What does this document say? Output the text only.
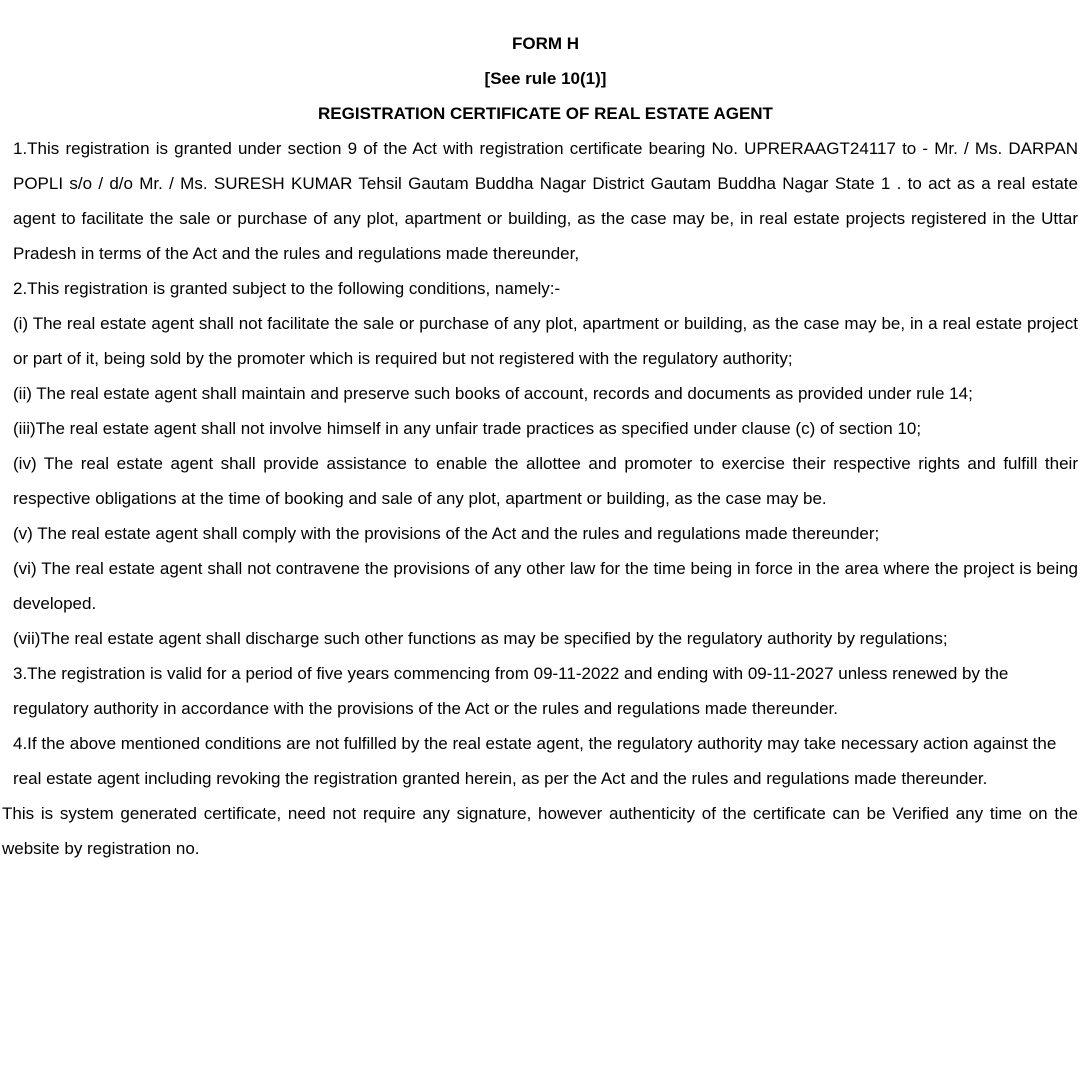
FORM H
[See rule 10(1)]
REGISTRATION CERTIFICATE OF REAL ESTATE AGENT

1.This registration is granted under section 9 of the Act with registration certificate bearing No. UPRERAAGT24117 to - Mr. / Ms. DARPAN POPLI s/o / d/o Mr. / Ms. SURESH KUMAR Tehsil Gautam Buddha Nagar District Gautam Buddha Nagar State 1 . to act as a real estate agent to facilitate the sale or purchase of any plot, apartment or building, as the case may be, in real estate projects registered in the Uttar Pradesh in terms of the Act and the rules and regulations made thereunder,

2.This registration is granted subject to the following conditions, namely:-

(i) The real estate agent shall not facilitate the sale or purchase of any plot, apartment or building, as the case may be, in a real estate project or part of it, being sold by the promoter which is required but not registered with the regulatory authority;

(ii) The real estate agent shall maintain and preserve such books of account, records and documents as provided under rule 14;

(iii)The real estate agent shall not involve himself in any unfair trade practices as specified under clause (c) of section 10;

(iv) The real estate agent shall provide assistance to enable the allottee and promoter to exercise their respective rights and fulfill their respective obligations at the time of booking and sale of any plot, apartment or building, as the case may be.

(v) The real estate agent shall comply with the provisions of the Act and the rules and regulations made thereunder;

(vi) The real estate agent shall not contravene the provisions of any other law for the time being in force in the area where the project is being developed.

(vii)The real estate agent shall discharge such other functions as may be specified by the regulatory authority by regulations;

3.The registration is valid for a period of five years commencing from 09-11-2022 and ending with 09-11-2027 unless renewed by the regulatory authority in accordance with the provisions of the Act or the rules and regulations made thereunder.

4.If the above mentioned conditions are not fulfilled by the real estate agent, the regulatory authority may take necessary action against the real estate agent including revoking the registration granted herein, as per the Act and the rules and regulations made thereunder.

This is system generated certificate, need not require any signature, however authenticity of the certificate can be Verified any time on the website by registration no.
